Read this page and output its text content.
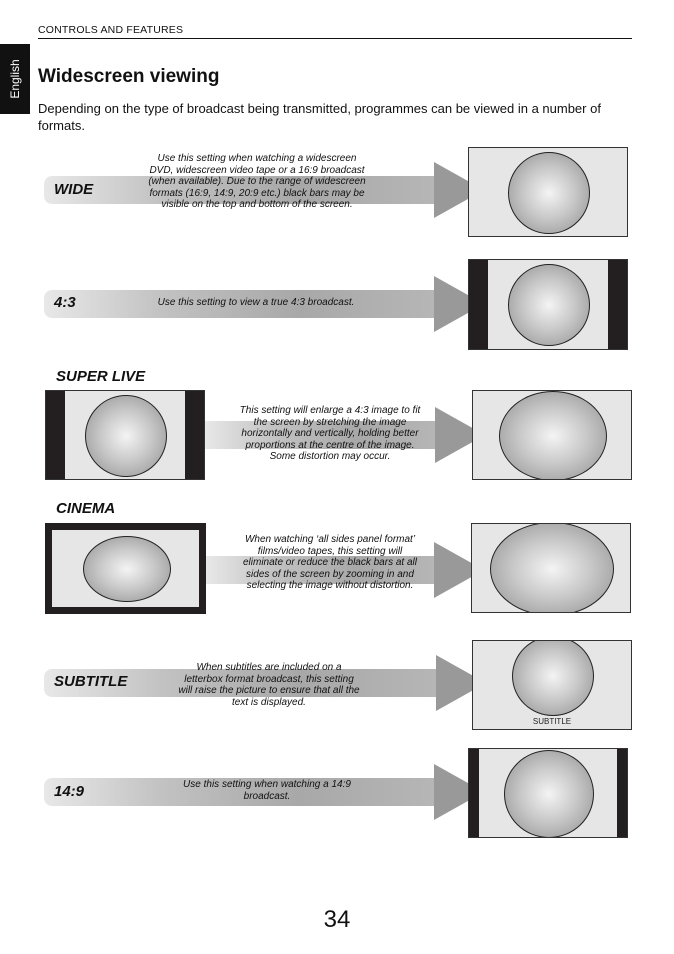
CONTROLS AND FEATURES
English Widescreen viewing

Depending on the type of broadcast being transmitted, programmes can be viewed in a number of formats.

WIDE

Use this setting when watching a widescreen DVD, widescreen video tape or a 16:9 broadcast (when available). Due to the range of widescreen formats (16:9, 14:9, 20:9 etc.) black bars may be visible on the top and bottom of the screen.

4:3	Use this setting to view a true 4:3 broadcast.

SUPER LIVE

This setting will enlarge a 4:3 image to fit the screen by stretching the image horizontally and vertically, holding better proportions at the centre of the image. Some distortion may occur.

CINEMA

When watching ‘all sides panel format’ films/video tapes, this setting will eliminate or reduce the black bars at all sides of the screen by zooming in and selecting the image without distortion.

SUBTITLE

When subtitles are included on a letterbox format broadcast, this setting will raise the picture to ensure that all the text is displayed.

SUBTITLE
14:9	Use this setting when watching a 14:9 broadcast.

34
